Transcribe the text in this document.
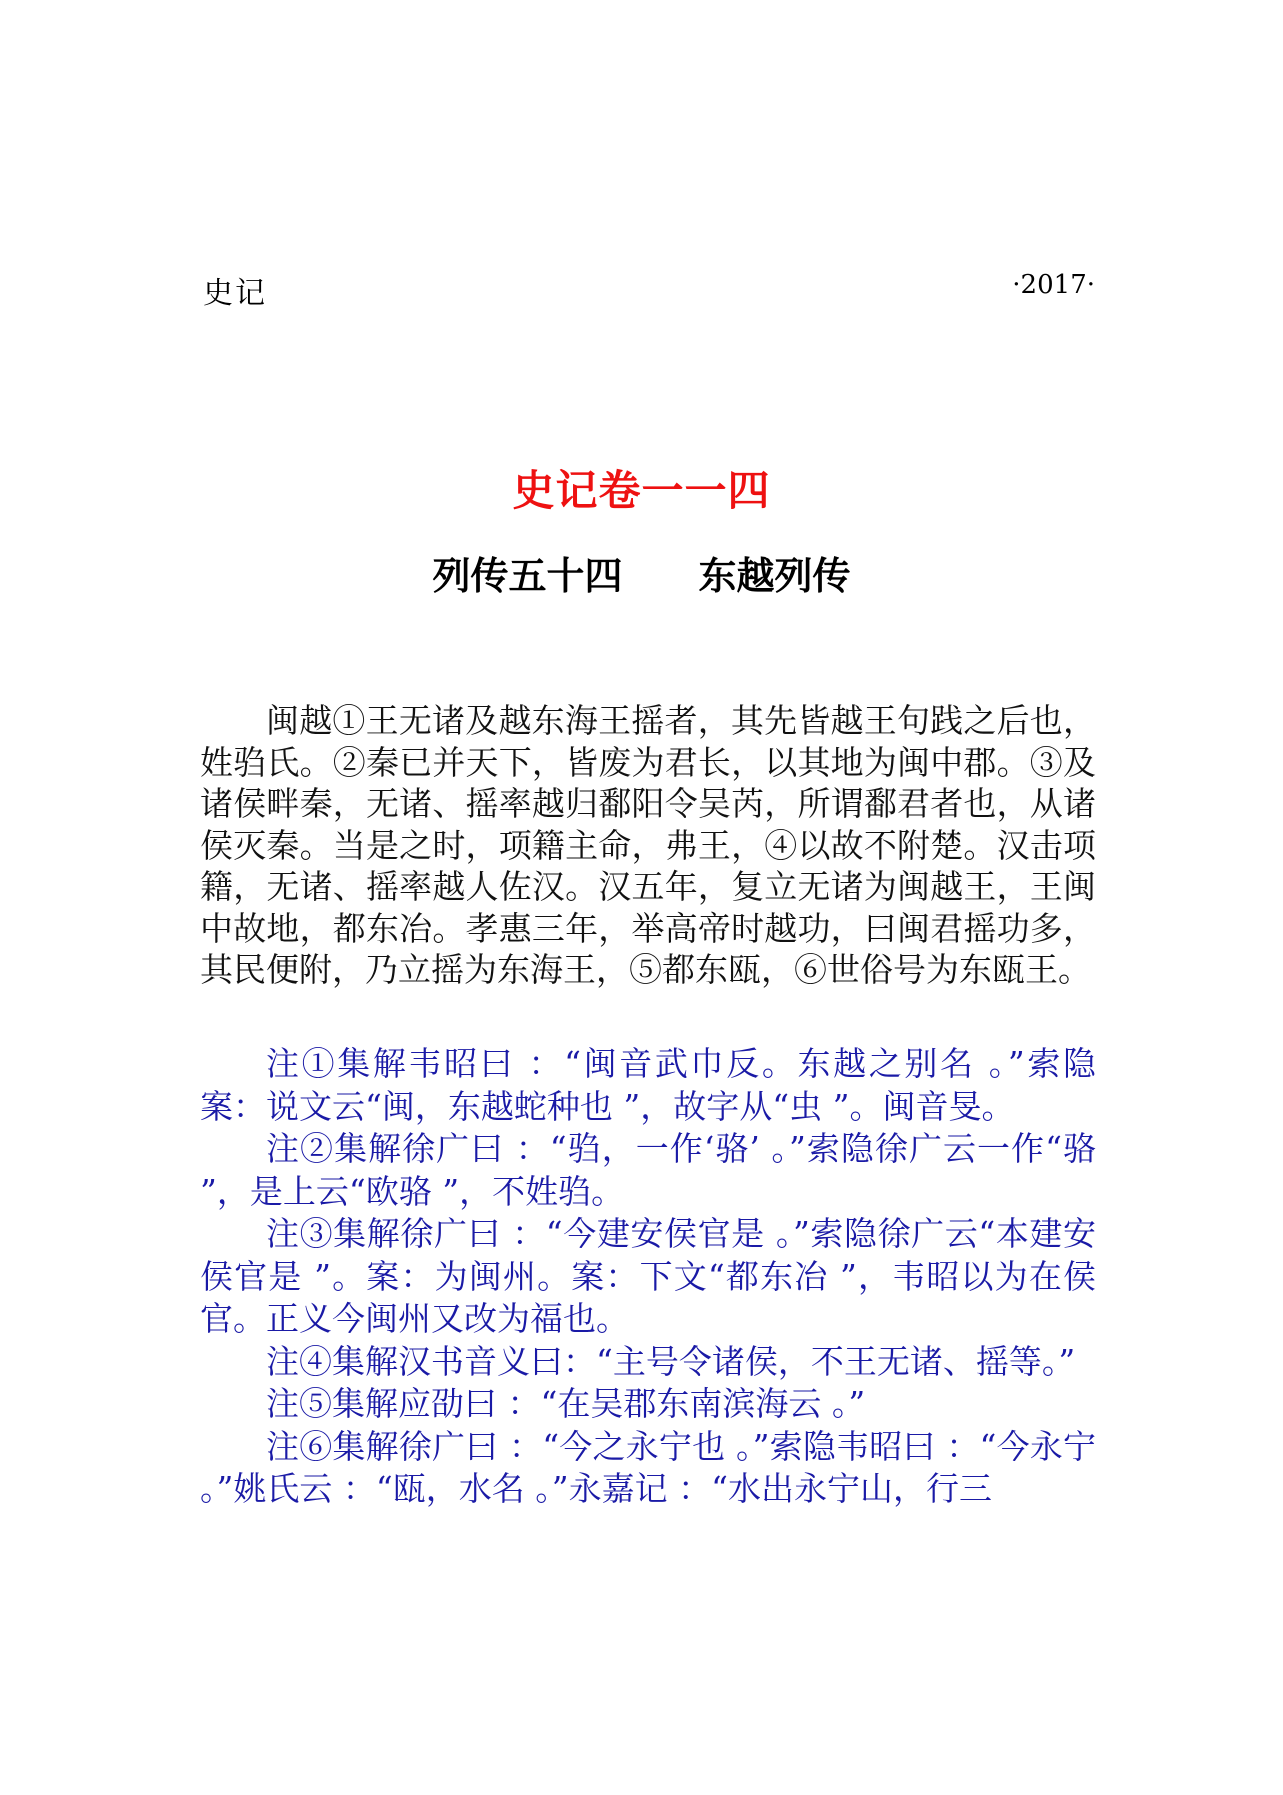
史记	·2017·
史记卷一一四
列传五十四　　东越列传

闽越①王无诸及越东海王摇者，其先皆越王句践之后也，姓驺氏。②秦已并天下，皆废为君长，以其地为闽中郡。③及诸侯畔秦，无诸、摇率越归鄱阳令吴芮，所谓鄱君者也，从诸侯灭秦。当是之时，项籍主命，弗王，④以故不附楚。汉击项籍，无诸、摇率越人佐汉。汉五年，复立无诸为闽越王，王闽中故地，都东冶。孝惠三年，举高帝时越功，曰闽君摇功多，其民便附，乃立摇为东海王，⑤都东瓯，⑥世俗号为东瓯王。

注①集解韦昭曰 ：“闽音武巾反。东越之别名 。”索隐案：说文云“闽，东越蛇种也 ”，故字从“虫 ”。闽音旻。

注②集解徐广曰 ：“驺，一作‘骆’ 。”索隐徐广云一作“骆 ”，是上云“欧骆 ”，不姓驺。

注③集解徐广曰 ：“今建安侯官是 。”索隐徐广云“本建安侯官是 ”。案：为闽州。案：下文“都东冶 ”，韦昭以为在侯官。正义今闽州又改为福也。

注④集解汉书音义曰：“主号令诸侯，不王无诸、摇等。”

注⑤集解应劭曰 ：“在吴郡东南滨海云 。”

注⑥集解徐广曰 ：“今之永宁也 。”索隐韦昭曰 ：“今永宁 。”姚氏云 ：“瓯，水名 。”永嘉记 ：“水出永宁山，行三
